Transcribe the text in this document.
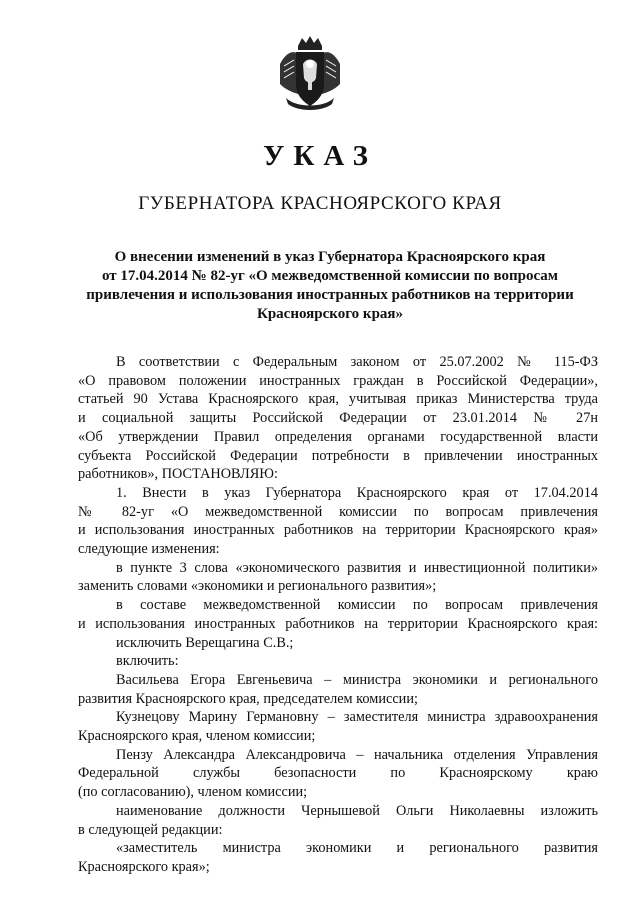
УКАЗ
ГУБЕРНАТОРА КРАСНОЯРСКОГО КРАЯ
О внесении изменений в указ Губернатора Красноярского края
от 17.04.2014 № 82-уг «О межведомственной комиссии по вопросам
привлечения и использования иностранных работников на территории
Красноярского края»
В соответствии с Федеральным законом от 25.07.2002 № 115-ФЗ
«О правовом положении иностранных граждан в Российской Федерации»,
статьей 90 Устава Красноярского края, учитывая приказ Министерства труда
и социальной защиты Российской Федерации от 23.01.2014 № 27н
«Об утверждении Правил определения органами государственной власти
субъекта Российской Федерации потребности в привлечении иностранных
работников», ПОСТАНОВЛЯЮ:
1. Внести в указ Губернатора Красноярского края от 17.04.2014
№ 82-уг «О межведомственной комиссии по вопросам привлечения
и использования иностранных работников на территории Красноярского края»
следующие изменения:
в пункте 3 слова «экономического развития и инвестиционной политики»
заменить словами «экономики и регионального развития»;
в составе межведомственной комиссии по вопросам привлечения
и использования иностранных работников на территории Красноярского края:
исключить Верещагина С.В.;
включить:
Васильева Егора Евгеньевича – министра экономики и регионального
развития Красноярского края, председателем комиссии;
Кузнецову Марину Германовну – заместителя министра здравоохранения
Красноярского края, членом комиссии;
Пензу Александра Александровича – начальника отделения Управления
Федеральной службы безопасности по Красноярскому краю
(по согласованию), членом комиссии;
наименование должности Чернышевой Ольги Николаевны изложить
в следующей редакции:
«заместитель министра экономики и регионального развития
Красноярского края»;
